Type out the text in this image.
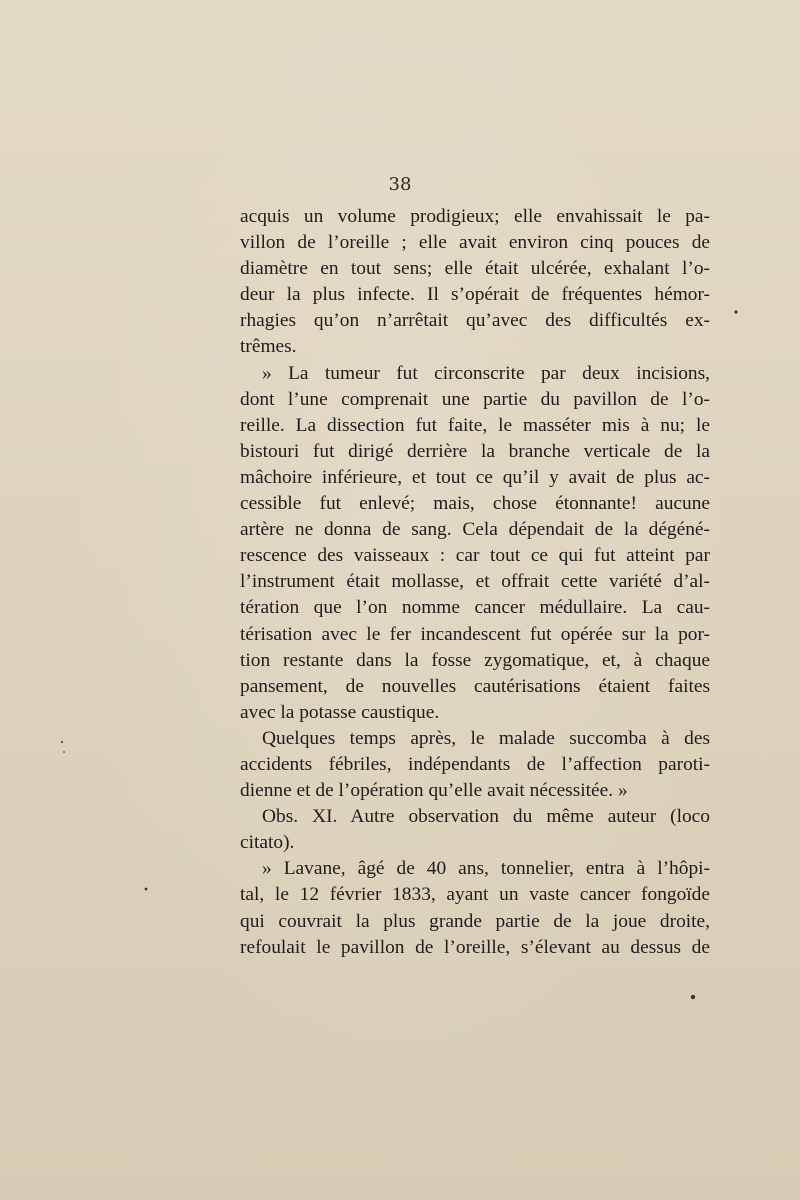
38
acquis un volume prodigieux; elle envahissait le pa-
villon de l’oreille ; elle avait environ cinq pouces de
diamètre en tout sens; elle était ulcérée, exhalant l’o-
deur la plus infecte. Il s’opérait de fréquentes hémor-
rhagies qu’on n’arrêtait qu’avec des difficultés ex-
trêmes.
» La tumeur fut circonscrite par deux incisions,
dont l’une comprenait une partie du pavillon de l’o-
reille. La dissection fut faite, le masséter mis à nu; le
bistouri fut dirigé derrière la branche verticale de la
mâchoire inférieure, et tout ce qu’il y avait de plus ac-
cessible fut enlevé; mais, chose étonnante! aucune
artère ne donna de sang. Cela dépendait de la dégéné-
rescence des vaisseaux : car tout ce qui fut atteint par
l’instrument était mollasse, et offrait cette variété d’al-
tération que l’on nomme cancer médullaire. La cau-
térisation avec le fer incandescent fut opérée sur la por-
tion restante dans la fosse zygomatique, et, à chaque
pansement, de nouvelles cautérisations étaient faites
avec la potasse caustique.
Quelques temps après, le malade succomba à des
accidents fébriles, indépendants de l’affection paroti-
dienne et de l’opération qu’elle avait nécessitée. »
Obs. XI. Autre observation du même auteur (loco
citato).
» Lavane, âgé de 40 ans, tonnelier, entra à l’hôpi-
tal, le 12 février 1833, ayant un vaste cancer fongoïde
qui couvrait la plus grande partie de la joue droite,
refoulait le pavillon de l’oreille, s’élevant au dessus de
